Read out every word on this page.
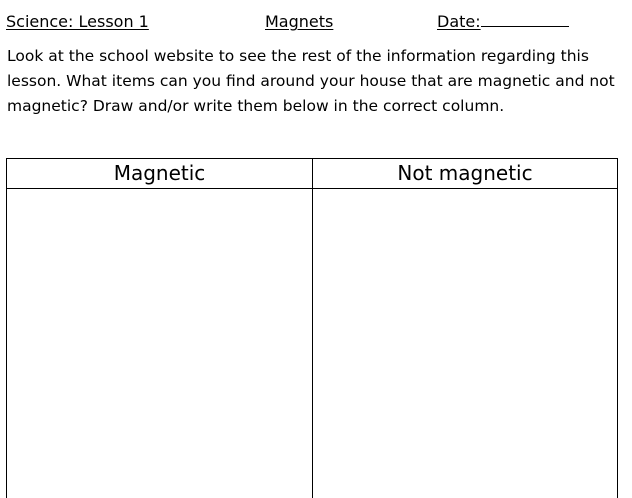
Science: Lesson 1	Magnets	Date:

Look at the school website to see the rest of the information regarding this lesson. What items can you find around your house that are magnetic and not magnetic? Draw and/or write them below in the correct column.

Magnetic	Not magnetic
